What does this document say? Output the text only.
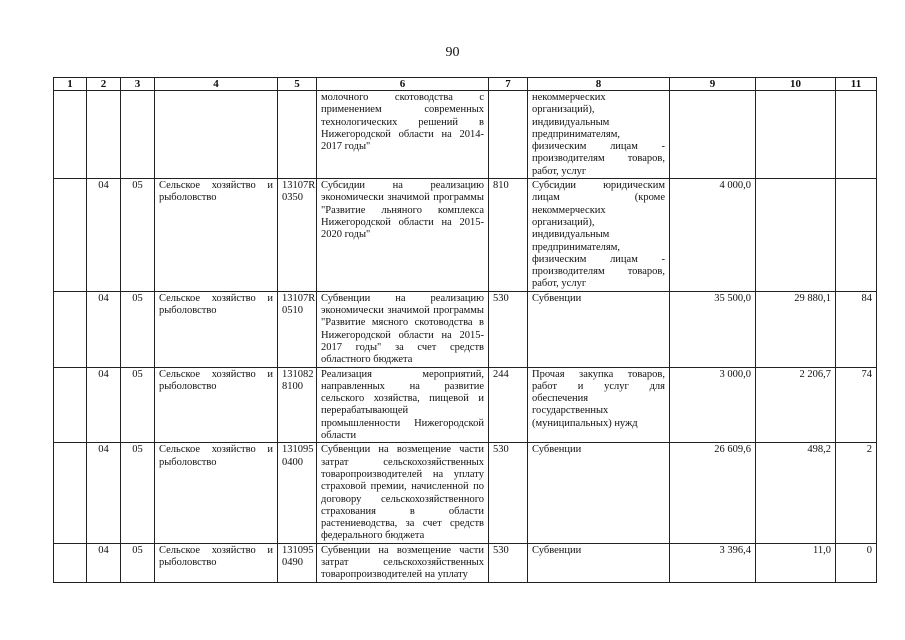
90
1	2	3	4	5	6	7	8	9	10	11
					молочного скотоводства с применением современных технологических решений в Нижегородской области на 2014-2017 годы"		некоммерческих организаций), индивидуальным предпринимателям, физическим лицам - производителям товаров, работ, услуг			
	04	05	Сельское хозяйство и рыболовство	13107R 0350	Субсидии на реализацию экономически значимой программы "Развитие льняного комплекса Нижегородской области на 2015-2020 годы"	810	Субсидии юридическим лицам (кроме некоммерческих организаций), индивидуальным предпринимателям, физическим лицам - производителям товаров, работ, услуг	4 000,0		
	04	05	Сельское хозяйство и рыболовство	13107R 0510	Субвенции на реализацию экономически значимой программы "Развитие мясного скотоводства в Нижегородской области на 2015-2017 годы" за счет средств областного бюджета	530	Субвенции	35 500,0	29 880,1	84
	04	05	Сельское хозяйство и рыболовство	131082 8100	Реализация мероприятий, направленных на развитие сельского хозяйства, пищевой и перерабатывающей промышленности Нижегородской области	244	Прочая закупка товаров, работ и услуг для обеспечения государственных (муниципальных) нужд	3 000,0	2 206,7	74
	04	05	Сельское хозяйство и рыболовство	131095 0400	Субвенции на возмещение части затрат сельскохозяйственных товаропроизводителей на уплату страховой премии, начисленной по договору сельскохозяйственного страхования в области растениеводства, за счет средств федерального бюджета	530	Субвенции	26 609,6	498,2	2
	04	05	Сельское хозяйство и рыболовство	131095 0490	Субвенции на возмещение части затрат сельскохозяйственных товаропроизводителей на уплату	530	Субвенции	3 396,4	11,0	0
